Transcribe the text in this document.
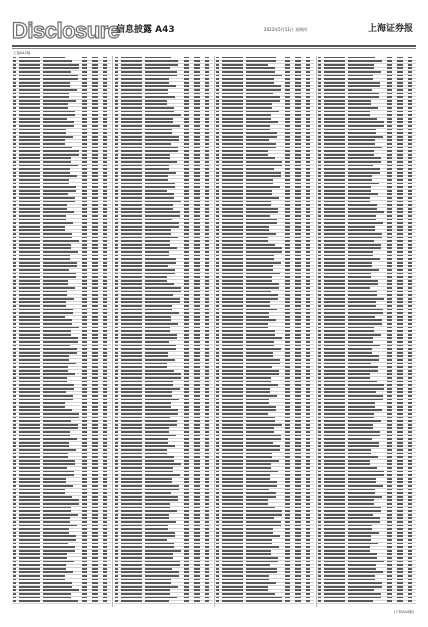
Disclosure
信息披露 A43	2023年5月11日 星期四	上海证券报
上接A42版
(下转A44版)
